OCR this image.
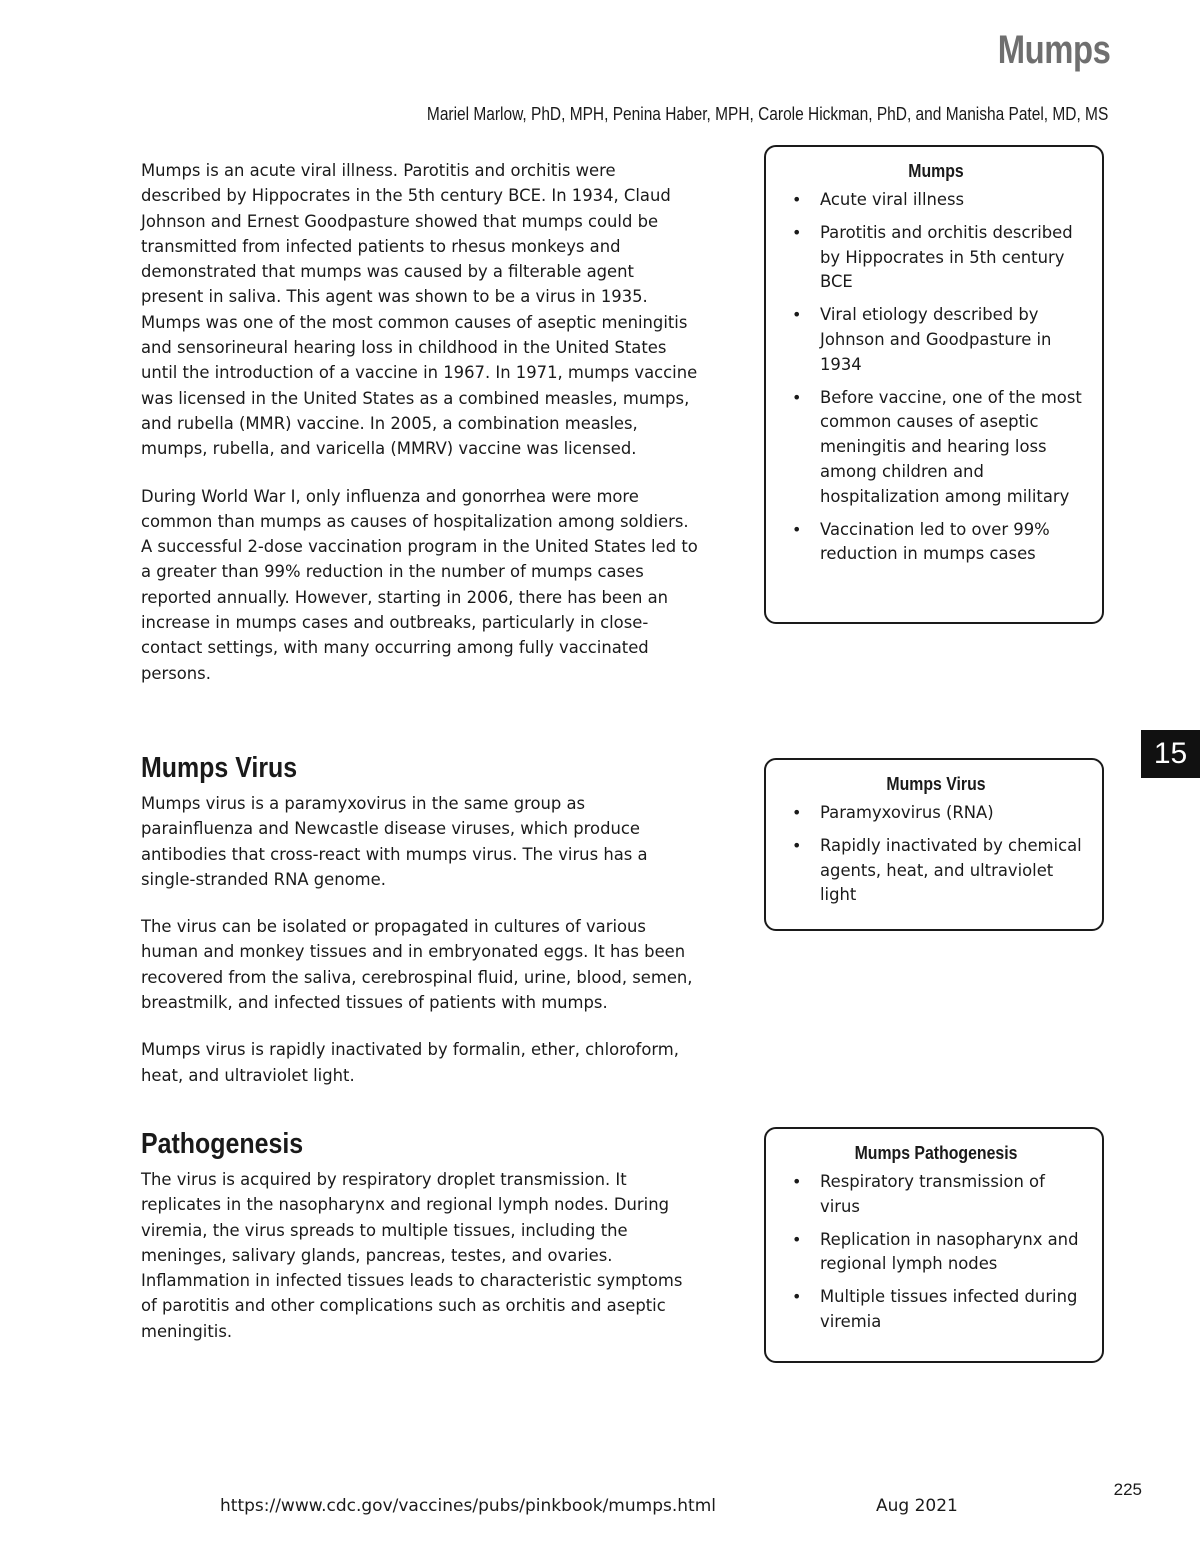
Mumps
Mariel Marlow, PhD, MPH, Penina Haber, MPH, Carole Hickman, PhD, and Manisha Patel, MD, MS

Mumps is an acute viral illness. Parotitis and orchitis were described by Hippocrates in the 5th century BCE. In 1934, Claud Johnson and Ernest Goodpasture showed that mumps could be transmitted from infected patients to rhesus monkeys and demonstrated that mumps was caused by a filterable agent present in saliva. This agent was shown to be a virus in 1935. Mumps was one of the most common causes of aseptic meningitis and sensorineural hearing loss in childhood in the United States until the introduction of a vaccine in 1967. In 1971, mumps vaccine was licensed in the United States as a combined measles, mumps, and rubella (MMR) vaccine. In 2005, a combination measles, mumps, rubella, and varicella (MMRV) vaccine was licensed.

During World War I, only influenza and gonorrhea were more common than mumps as causes of hospitalization among soldiers. A successful 2-dose vaccination program in the United States led to a greater than 99% reduction in the number of mumps cases reported annually. However, starting in 2006, there has been an increase in mumps cases and outbreaks, particularly in close-contact settings, with many occurring among fully vaccinated persons.

Mumps Virus

Mumps virus is a paramyxovirus in the same group as parainfluenza and Newcastle disease viruses, which produce antibodies that cross-react with mumps virus. The virus has a single-stranded RNA genome.

The virus can be isolated or propagated in cultures of various human and monkey tissues and in embryonated eggs. It has been recovered from the saliva, cerebrospinal fluid, urine, blood, semen, breastmilk, and infected tissues of patients with mumps.

Mumps virus is rapidly inactivated by formalin, ether, chloroform, heat, and ultraviolet light.

Pathogenesis

The virus is acquired by respiratory droplet transmission. It replicates in the nasopharynx and regional lymph nodes. During viremia, the virus spreads to multiple tissues, including the meninges, salivary glands, pancreas, testes, and ovaries. Inflammation in infected tissues leads to characteristic symptoms of parotitis and other complications such as orchitis and aseptic meningitis.

Mumps
• Acute viral illness
• Parotitis and orchitis described by Hippocrates in 5th century BCE
• Viral etiology described by Johnson and Goodpasture in 1934
• Before vaccine, one of the most common causes of aseptic meningitis and hearing loss among children and hospitalization among military
• Vaccination led to over 99% reduction in mumps cases
Mumps Virus
• Paramyxovirus (RNA)
• Rapidly inactivated by chemical agents, heat, and ultraviolet light
Mumps Pathogenesis
• Respiratory transmission of virus
• Replication in nasopharynx and regional lymph nodes
• Multiple tissues infected during viremia
15
225
https://www.cdc.gov/vaccines/pubs/pinkbook/mumps.html	Aug 2021
